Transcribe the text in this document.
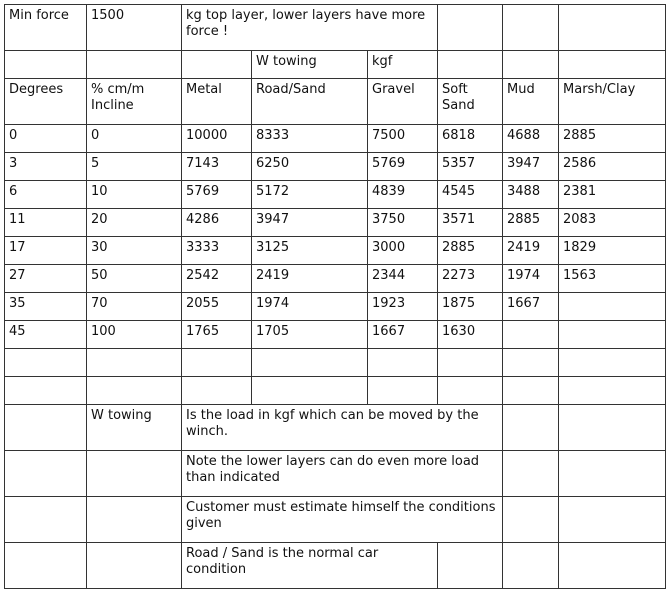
Min force	1500	kg top layer, lower layers have more force !					
			W towing	kgf			
Degrees	% cm/m Incline	Metal	Road/Sand	Gravel	Soft Sand	Mud	Marsh/Clay
0	0	10000	8333	7500	6818	4688	2885
3	5	7143	6250	5769	5357	3947	2586
6	10	5769	5172	4839	4545	3488	2381
11	20	4286	3947	3750	3571	2885	2083
17	30	3333	3125	3000	2885	2419	1829
27	50	2542	2419	2344	2273	1974	1563
35	70	2055	1974	1923	1875	1667	
45	100	1765	1705	1667	1630		

	W towing	Is the load in kgf which can be moved by the winch.					
		Note the lower layers can do even more load than indicated					
		Customer must estimate himself the conditions given					
		Road / Sand is the normal car condition					
